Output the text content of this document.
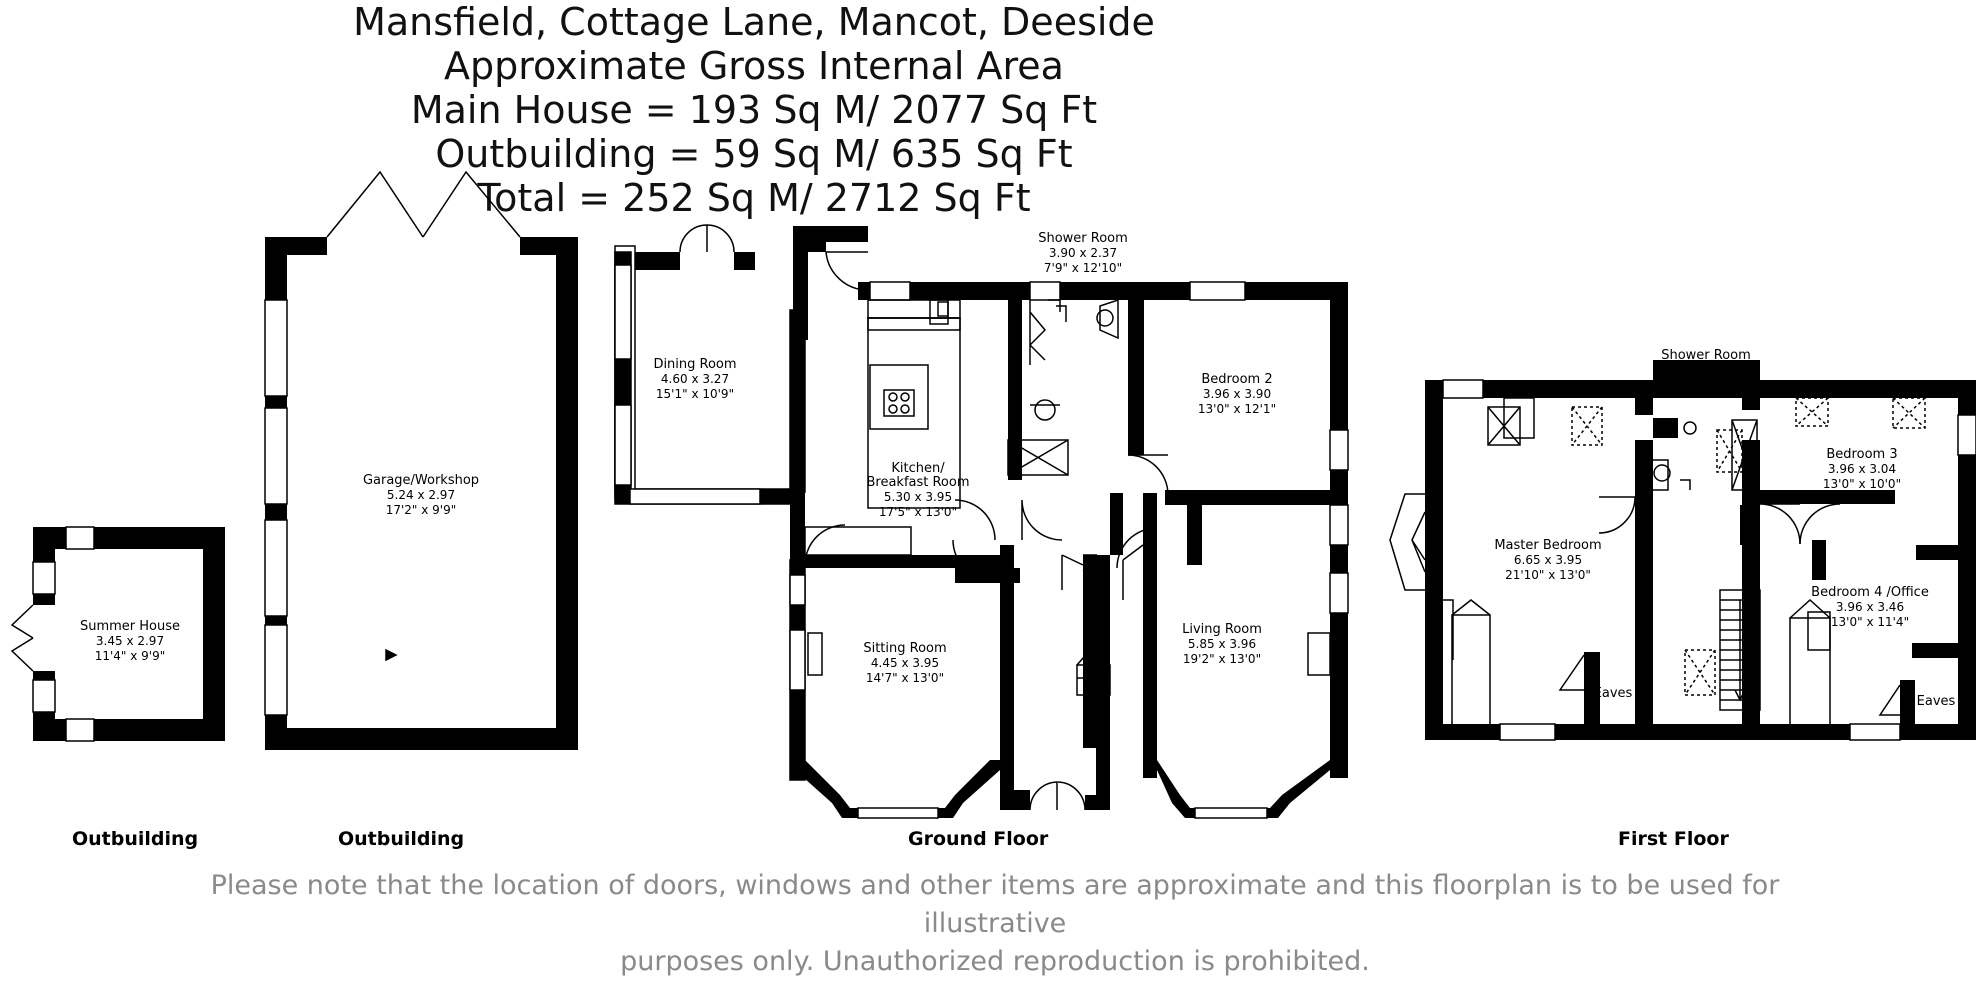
Mansfield, Cottage Lane, Mancot, Deeside
Approximate Gross Internal Area
Main House = 193 Sq M/ 2077 Sq Ft
Outbuilding = 59 Sq M/ 635 Sq Ft
Total = 252 Sq M/ 2712 Sq Ft
Summer House
3.45 x 2.97
11'4" x 9'9"
Garage/Workshop
5.24 x 2.97
17'2" x 9'9"
Dining Room
4.60 x 3.27
15'1" x 10'9"
Kitchen/
Breakfast Room
5.30 x 3.95
17'5" x 13'0"
Shower Room
3.90 x 2.37
7'9" x 12'10"
Bedroom 2
3.96 x 3.90
13'0" x 12'1"
Sitting Room
4.45 x 3.95
14'7" x 13'0"
Living Room
5.85 x 3.96
19'2" x 13'0"
Shower Room
2.37 x 1.51
7'9" x 4'11"
Master Bedroom
6.65 x 3.95
21'10" x 13'0"
Bedroom 3
3.96 x 3.04
13'0" x 10'0"
Bedroom 4 /Office
3.96 x 3.46
13'0" x 11'4"
Eaves
Eaves
Outbuilding	Outbuilding	Ground Floor	First Floor
Please note that the location of doors, windows and other items are approximate and this floorplan is to be used for illustrative
purposes only. Unauthorized reproduction is prohibited.
